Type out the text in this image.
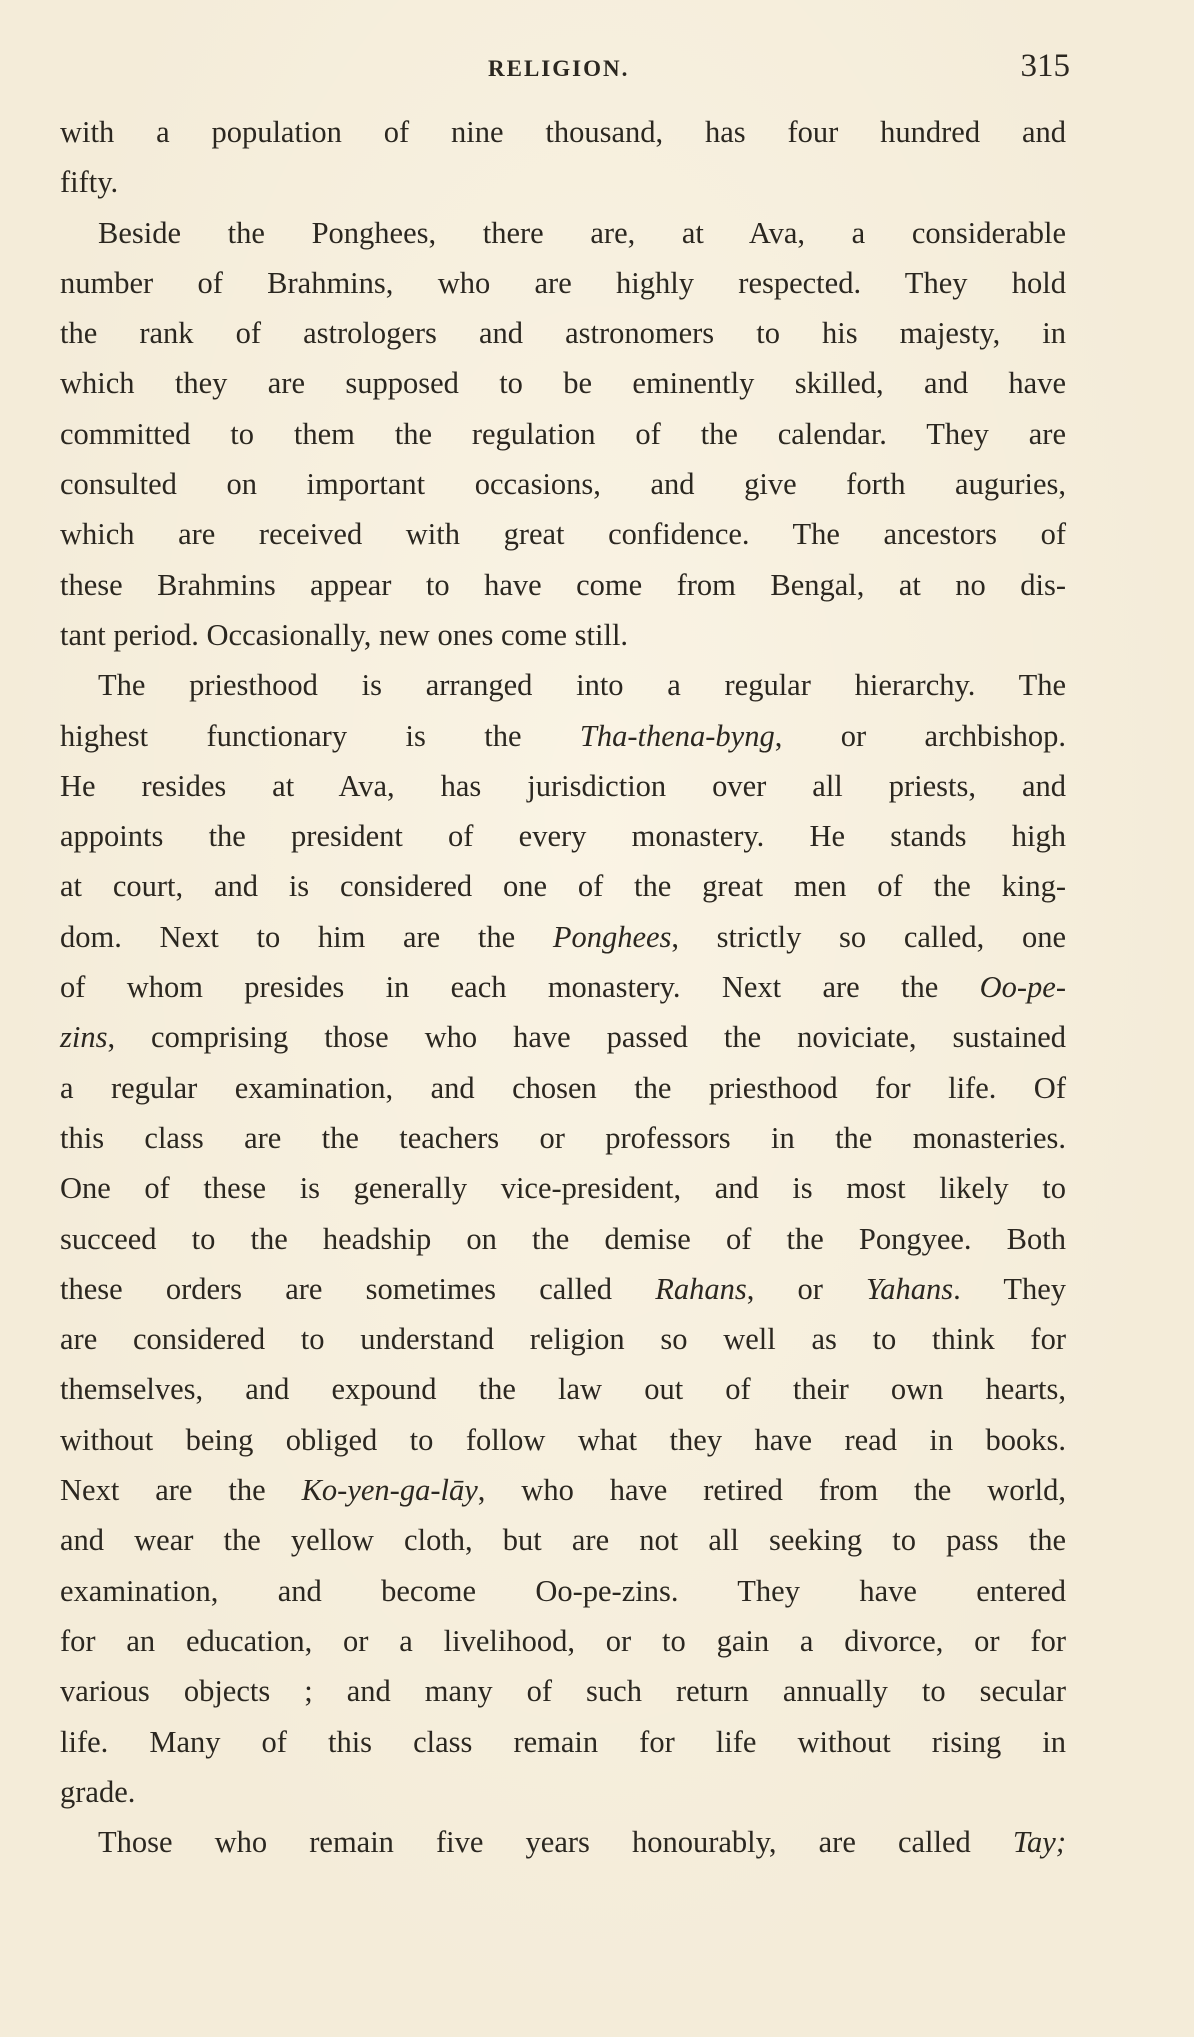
RELIGION.	315
with a population of nine thousand, has four hundred and
fifty.
Beside the Ponghees, there are, at Ava, a considerable
number of Brahmins, who are highly respected. They hold
the rank of astrologers and astronomers to his majesty, in
which they are supposed to be eminently skilled, and have
committed to them the regulation of the calendar. They are
consulted on important occasions, and give forth auguries,
which are received with great confidence. The ancestors of
these Brahmins appear to have come from Bengal, at no dis-
tant period. Occasionally, new ones come still.
The priesthood is arranged into a regular hierarchy. The
highest functionary is the Tha-thena-byng, or archbishop.
He resides at Ava, has jurisdiction over all priests, and
appoints the president of every monastery. He stands high
at court, and is considered one of the great men of the king-
dom. Next to him are the Ponghees, strictly so called, one
of whom presides in each monastery. Next are the Oo-pe-
zins, comprising those who have passed the noviciate, sustained
a regular examination, and chosen the priesthood for life. Of
this class are the teachers or professors in the monasteries.
One of these is generally vice-president, and is most likely to
succeed to the headship on the demise of the Pongyee. Both
these orders are sometimes called Rahans, or Yahans. They
are considered to understand religion so well as to think for
themselves, and expound the law out of their own hearts,
without being obliged to follow what they have read in books.
Next are the Ko-yen-ga-lāy, who have retired from the world,
and wear the yellow cloth, but are not all seeking to pass the
examination, and become Oo-pe-zins. They have entered
for an education, or a livelihood, or to gain a divorce, or for
various objects ; and many of such return annually to secular
life. Many of this class remain for life without rising in
grade.
Those who remain five years honourably, are called Tay;
